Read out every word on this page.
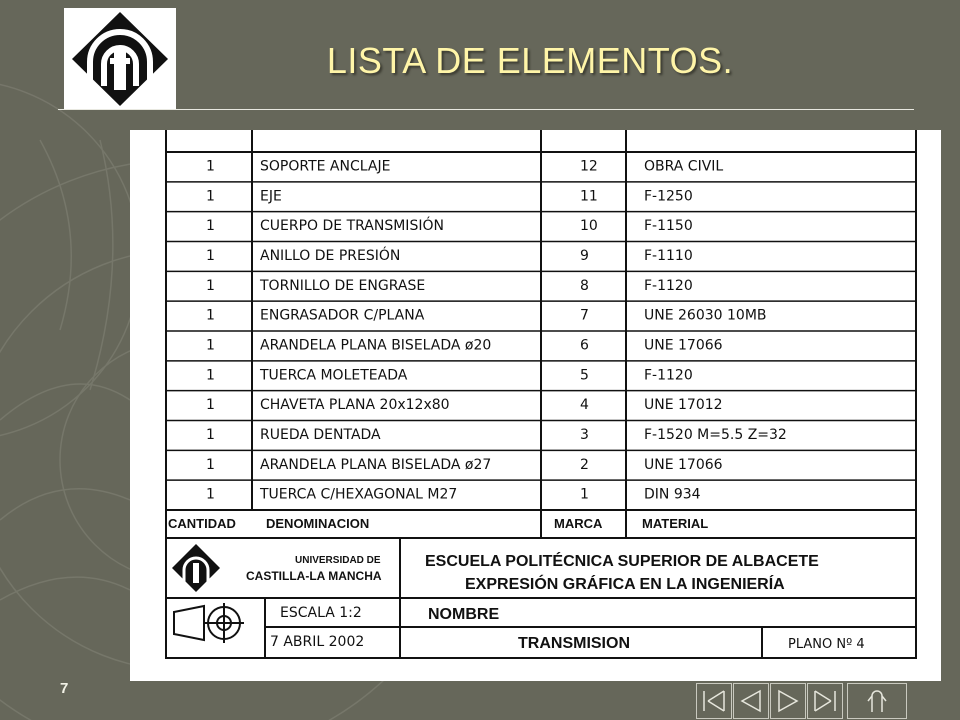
LISTA DE ELEMENTOS.
1	SOPORTE ANCLAJE	12	OBRA CIVIL
1	EJE	11	F-1250
1	CUERPO DE TRANSMISIÓN	10	F-1150
1	ANILLO DE PRESIÓN	9	F-1110
1	TORNILLO DE ENGRASE	8	F-1120
1	ENGRASADOR C/PLANA	7	UNE 26030 10MB
1	ARANDELA PLANA BISELADA ø20	6	UNE 17066
1	TUERCA MOLETEADA	5	F-1120
1	CHAVETA PLANA 20x12x80	4	UNE 17012
1	RUEDA DENTADA	3	F-1520 M=5.5 Z=32
1	ARANDELA PLANA BISELADA ø27	2	UNE 17066
1	TUERCA C/HEXAGONAL M27	1	DIN 934
CANTIDAD DENOMINACION	MARCA	MATERIAL
UNIVERSIDAD DE
CASTILLA-LA MANCHA
ESCUELA POLITÉCNICA SUPERIOR DE ALBACETE
EXPRESIÓN GRÁFICA EN LA INGENIERÍA
ESCALA 1:2	NOMBRE
7 ABRIL 2002	TRANSMISION	PLANO Nº 4
7
